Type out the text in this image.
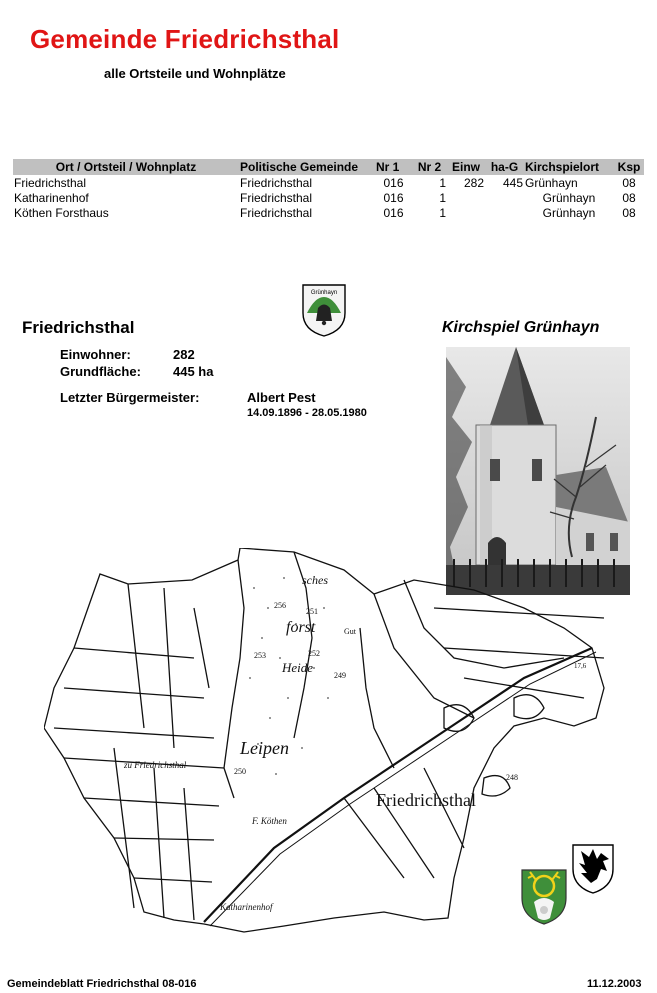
Gemeinde Friedrichsthal
alle Ortsteile und Wohnplätze
Ort / Ortsteil / Wohnplatz	Politische Gemeinde	Nr 1	Nr 2	Einw	ha-G	Kirchspielort	Ksp
Friedrichsthal	Friedrichsthal	016	1	282	445	Grünhayn	08
Katharinenhof	Friedrichsthal	016	1			Grünhayn	08
Köthen Forsthaus	Friedrichsthal	016	1			Grünhayn	08
Grünhayn
Friedrichsthal
Einwohner:	282
Grundfläche: 445 ha
Letzter Bürgermeister:	Albert Pest
14.09.1896 - 28.05.1980
Kirchspiel Grünhayn
forst
Heide
Leipen
Friedrichsthal
zu Friedrichsthal
F. Köthen
Katharinenhof
Gut
sches
256
251
253	252
249
250
248
17,6
Gemeindeblatt Friedrichsthal 08-016	11.12.2003
